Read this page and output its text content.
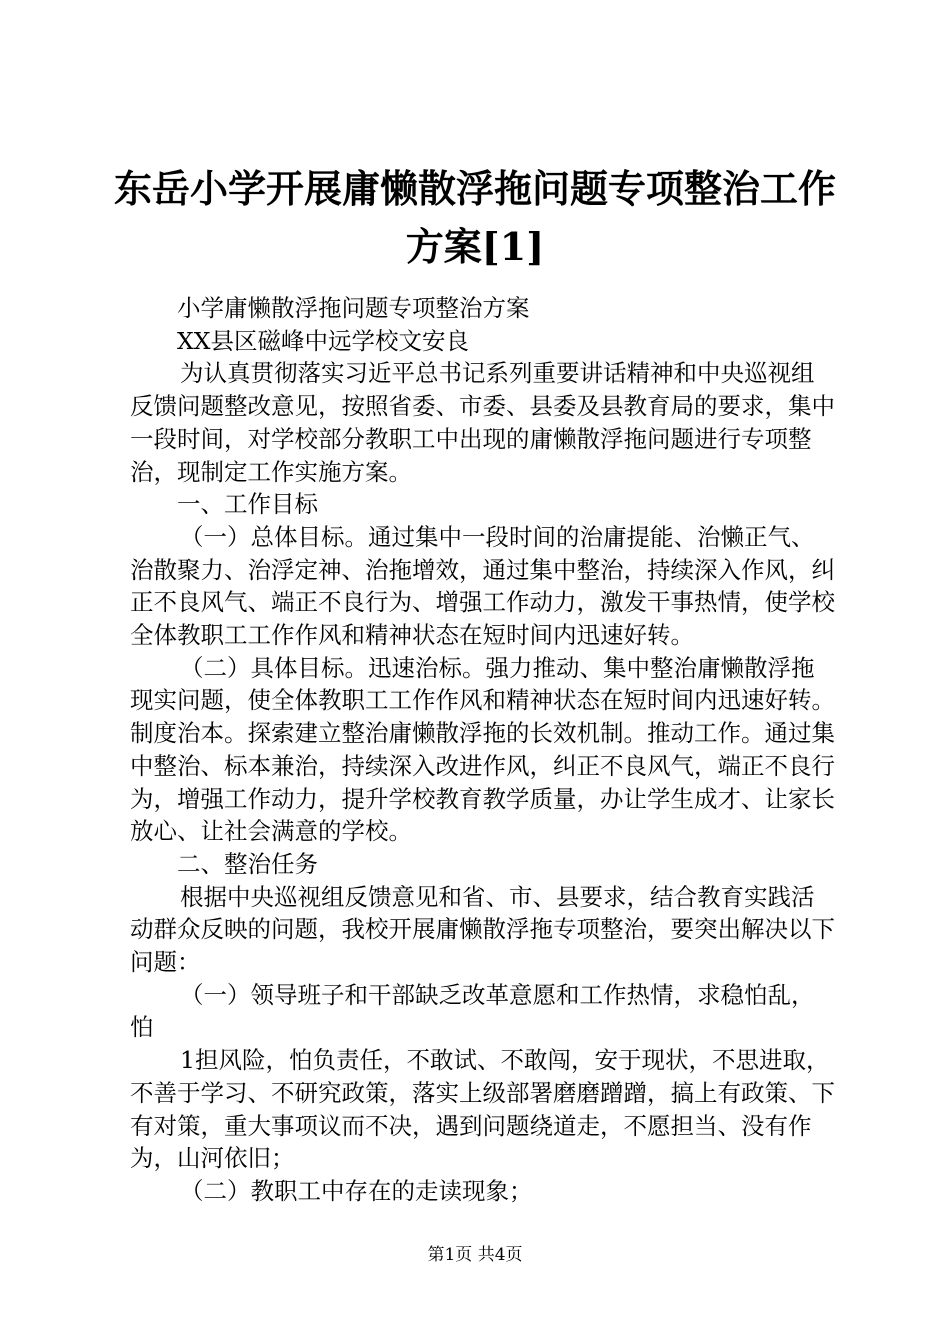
东岳小学开展庸懒散浮拖问题专项整治工作方案[1]

小学庸懒散浮拖问题专项整治方案

XX县区磁峰中远学校文安良

为认真贯彻落实习近平总书记系列重要讲话精神和中央巡视组反馈问题整改意见，按照省委、市委、县委及县教育局的要求，集中一段时间，对学校部分教职工中出现的庸懒散浮拖问题进行专项整治，现制定工作实施方案。

一、工作目标

（一）总体目标。通过集中一段时间的治庸提能、治懒正气、治散聚力、治浮定神、治拖增效，通过集中整治，持续深入作风，纠正不良风气、端正不良行为、增强工作动力，激发干事热情，使学校全体教职工工作作风和精神状态在短时间内迅速好转。

（二）具体目标。迅速治标。强力推动、集中整治庸懒散浮拖现实问题，使全体教职工工作作风和精神状态在短时间内迅速好转。制度治本。探索建立整治庸懒散浮拖的长效机制。推动工作。通过集中整治、标本兼治，持续深入改进作风，纠正不良风气，端正不良行为，增强工作动力，提升学校教育教学质量，办让学生成才、让家长放心、让社会满意的学校。

二、整治任务

根据中央巡视组反馈意见和省、市、县要求，结合教育实践活动群众反映的问题，我校开展庸懒散浮拖专项整治，要突出解决以下问题：

（一）领导班子和干部缺乏改革意愿和工作热情，求稳怕乱，怕

1担风险，怕负责任，不敢试、不敢闯，安于现状，不思进取，不善于学习、不研究政策，落实上级部署磨磨蹭蹭，搞上有政策、下有对策，重大事项议而不决，遇到问题绕道走，不愿担当、没有作为，山河依旧；

（二）教职工中存在的走读现象；

第1页 共4页
